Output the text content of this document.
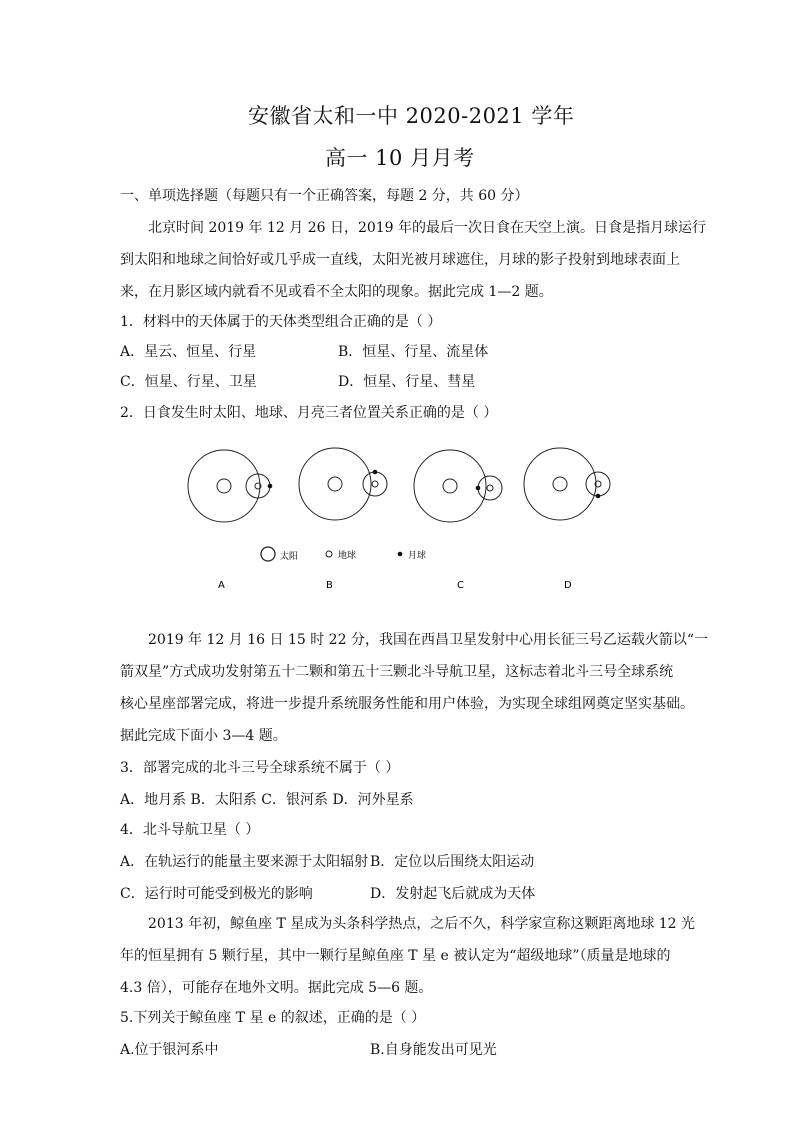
安徽省太和一中 2020-2021 学年
高一 10 月月考
一、单项选择题（每题只有一个正确答案，每题 2 分，共 60 分）
北京时间 2019 年 12 月 26 日，2019 年的最后一次日食在天空上演。日食是指月球运行
到太阳和地球之间恰好或几乎成一直线，太阳光被月球遮住，月球的影子投射到地球表面上
来，在月影区域内就看不见或看不全太阳的现象。据此完成 1—2 题。
1．材料中的天体属于的天体类型组合正确的是（ ）
A．星云、恒星、行星	B．恒星、行星、流星体
C．恒星、行星、卫星	D．恒星、行星、彗星
2．日食发生时太阳、地球、月亮三者位置关系正确的是（ ）
太阳	地球	月球
A	B	C	D
2019 年 12 月 16 日 15 时 22 分，我国在西昌卫星发射中心用长征三号乙运载火箭以“一
箭双星”方式成功发射第五十二颗和第五十三颗北斗导航卫星，这标志着北斗三号全球系统
核心星座部署完成，将进一步提升系统服务性能和用户体验，为实现全球组网奠定坚实基础。
据此完成下面小 3—4 题。
3．部署完成的北斗三号全球系统不属于（ ）
A．地月系 B．太阳系 C．银河系 D．河外星系
4．北斗导航卫星（ ）
A．在轨运行的能量主要来源于太阳辐射 B．定位以后围绕太阳运动
C．运行时可能受到极光的影响	D．发射起飞后就成为天体
2013 年初，鲸鱼座 T 星成为头条科学热点，之后不久，科学家宣称这颗距离地球 12 光
年的恒星拥有 5 颗行星，其中一颗行星鲸鱼座 T 星 e 被认定为“超级地球”（质量是地球的
4.3 倍），可能存在地外文明。据此完成 5—6 题。
5.下列关于鲸鱼座 T 星 e 的叙述，正确的是（ ）
A.位于银河系中	B.自身能发出可见光
